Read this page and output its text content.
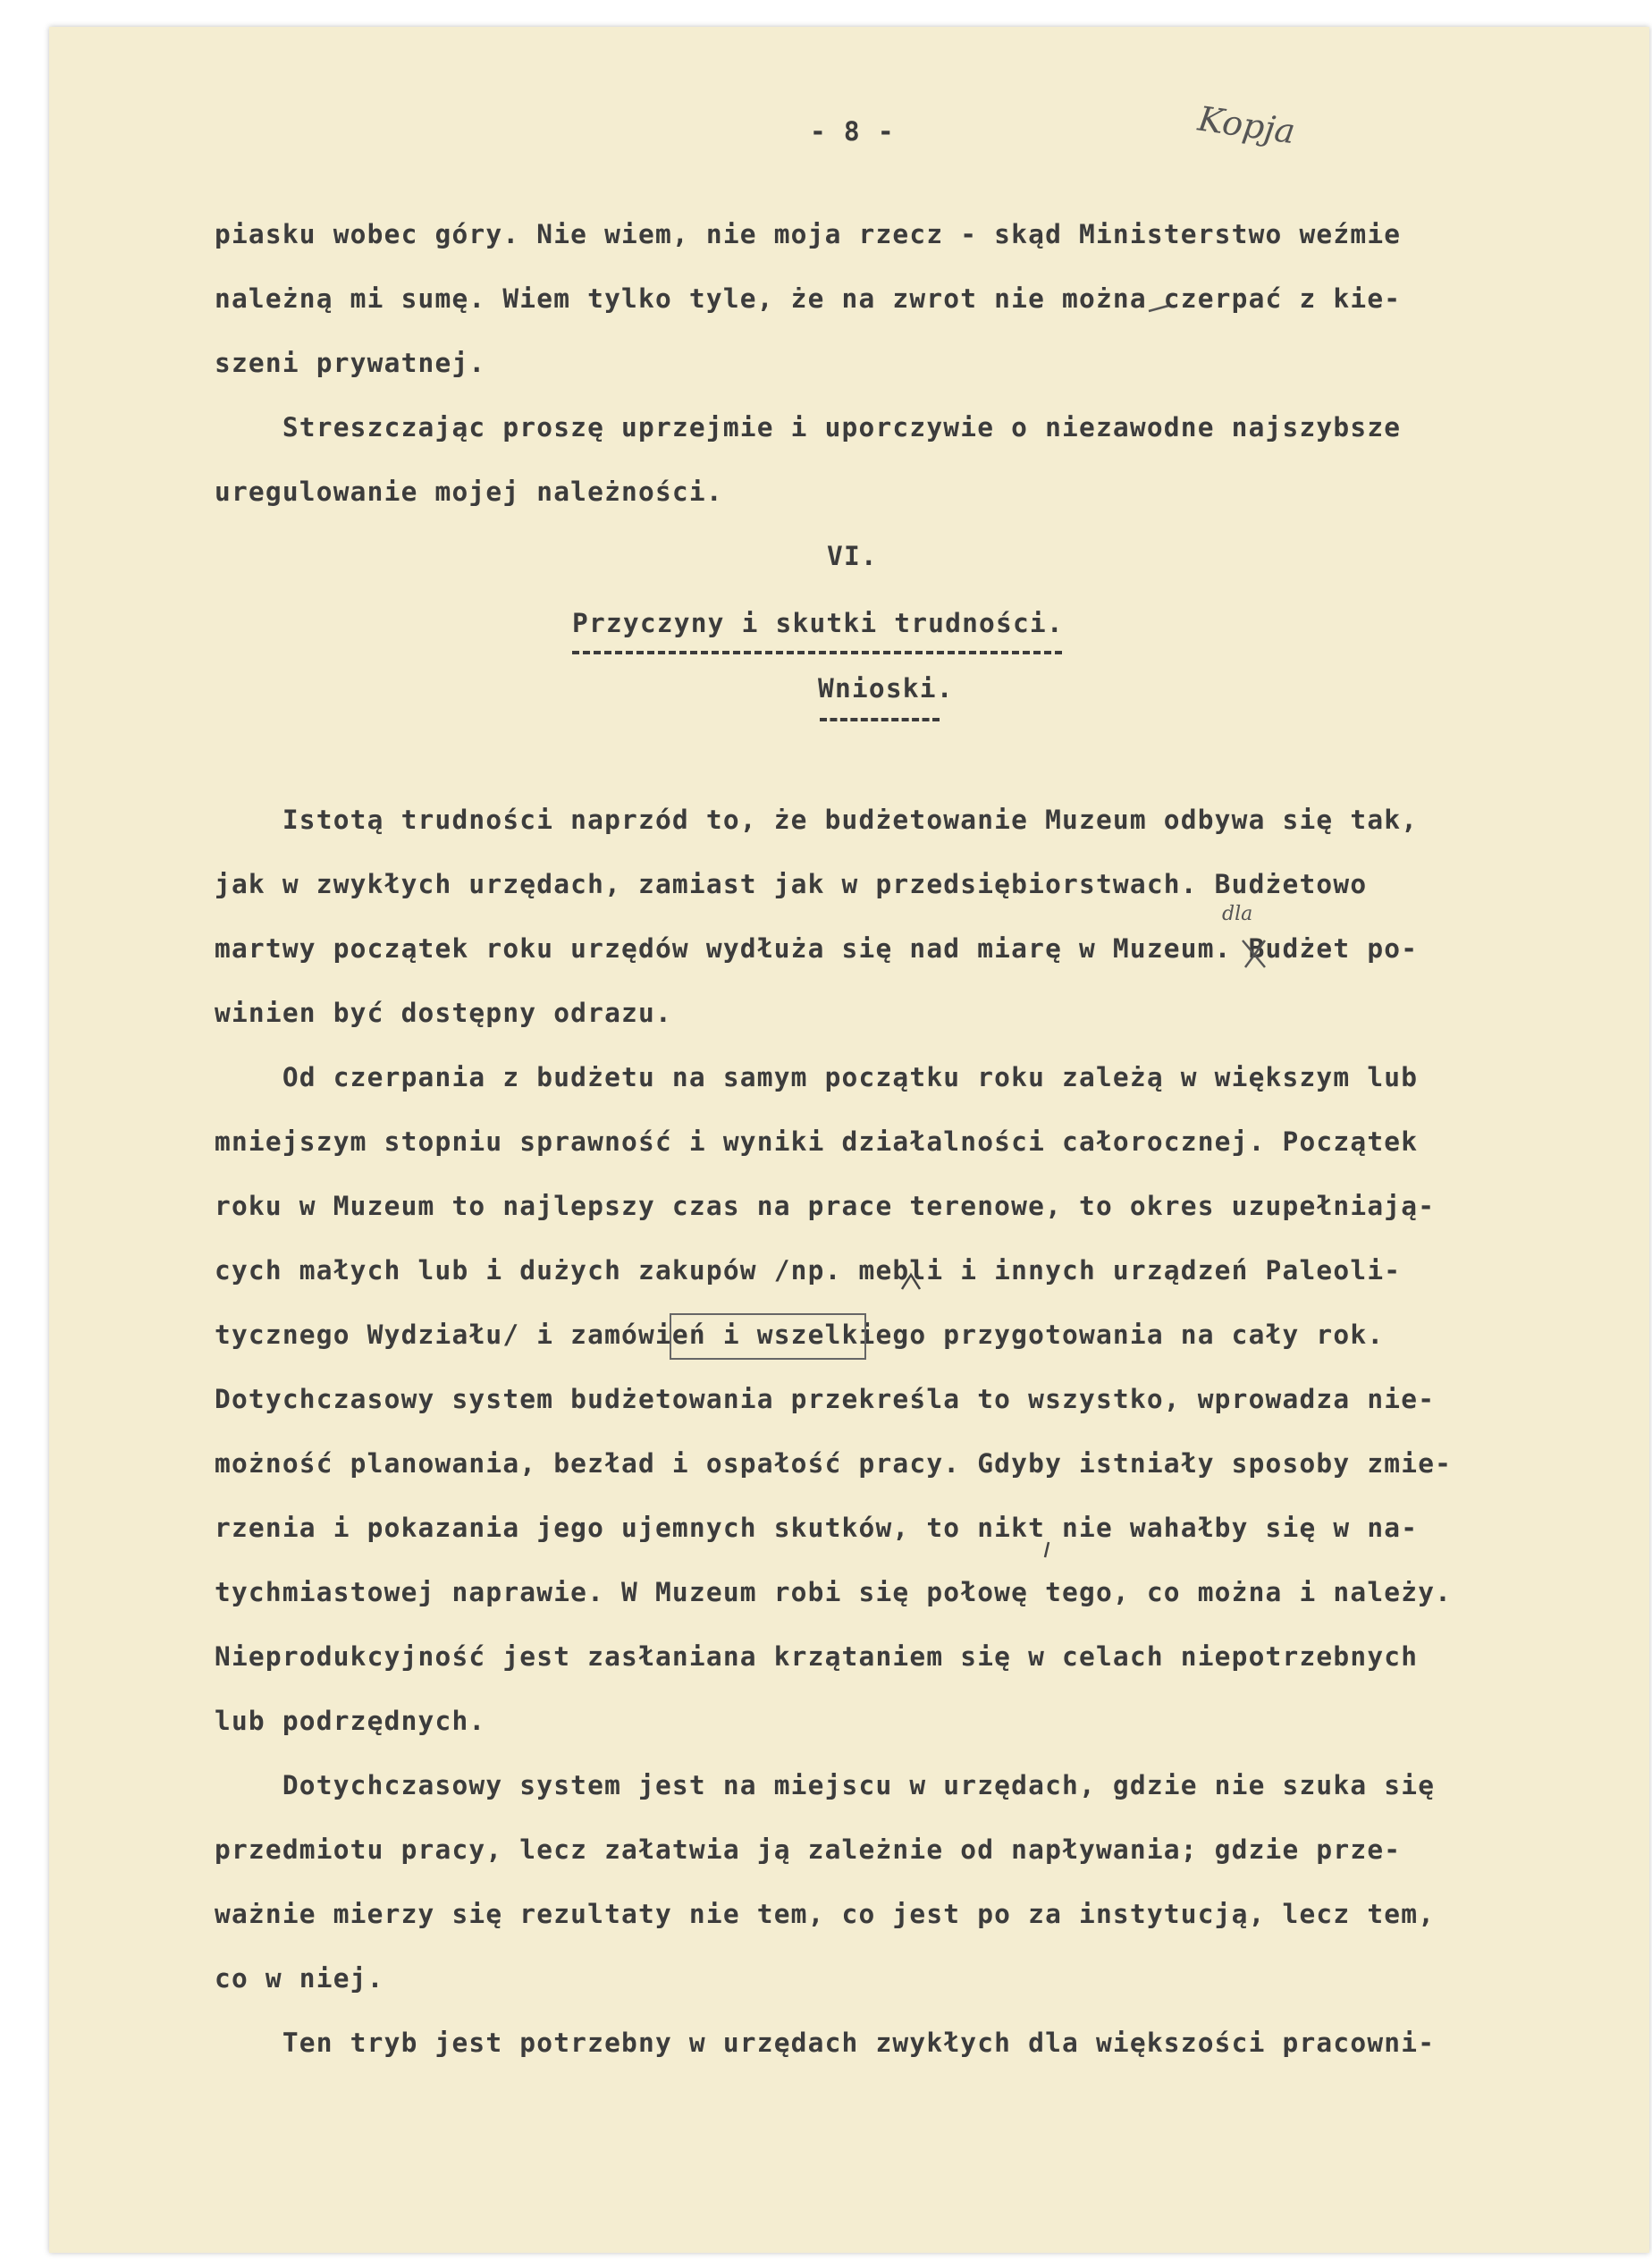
- 8 -	Kopja
piasku wobec góry. Nie wiem, nie moja rzecz - skąd Ministerstwo weźmie
należną mi sumę. Wiem tylko tyle, że na zwrot nie można czerpać z kie-
szeni prywatnej.
Streszczając proszę uprzejmie i uporczywie o niezawodne najszybsze
uregulowanie mojej należności.
VI.
Przyczyny i skutki trudności.
Wnioski.
Istotą trudności naprzód to, że budżetowanie Muzeum odbywa się tak,
jak w zwykłych urzędach, zamiast jak w przedsiębiorstwach. Budżetowo
martwy początek roku urzędów wydłuża się nad miarę w Muzeum. Budżet po-
winien być dostępny odrazu.
Od czerpania z budżetu na samym początku roku zależą w większym lub
mniejszym stopniu sprawność i wyniki działalności całorocznej. Początek
roku w Muzeum to najlepszy czas na prace terenowe, to okres uzupełniają-
cych małych lub i dużych zakupów /np. mebli i innych urządzeń Paleoli-
tycznego Wydziału/ i zamówień i wszelkiego przygotowania na cały rok.
Dotychczasowy system budżetowania przekreśla to wszystko, wprowadza nie-
możność planowania, bezład i ospałość pracy. Gdyby istniały sposoby zmie-
rzenia i pokazania jego ujemnych skutków, to nikt nie wahałby się w na-
tychmiastowej naprawie. W Muzeum robi się połowę tego, co można i należy.
Nieprodukcyjność jest zasłaniana krzątaniem się w celach niepotrzebnych
lub podrzędnych.
Dotychczasowy system jest na miejscu w urzędach, gdzie nie szuka się
przedmiotu pracy, lecz załatwia ją zależnie od napływania; gdzie prze-
ważnie mierzy się rezultaty nie tem, co jest po za instytucją, lecz tem,
co w niej.
Ten tryb jest potrzebny w urzędach zwykłych dla większości pracowni-
dla
